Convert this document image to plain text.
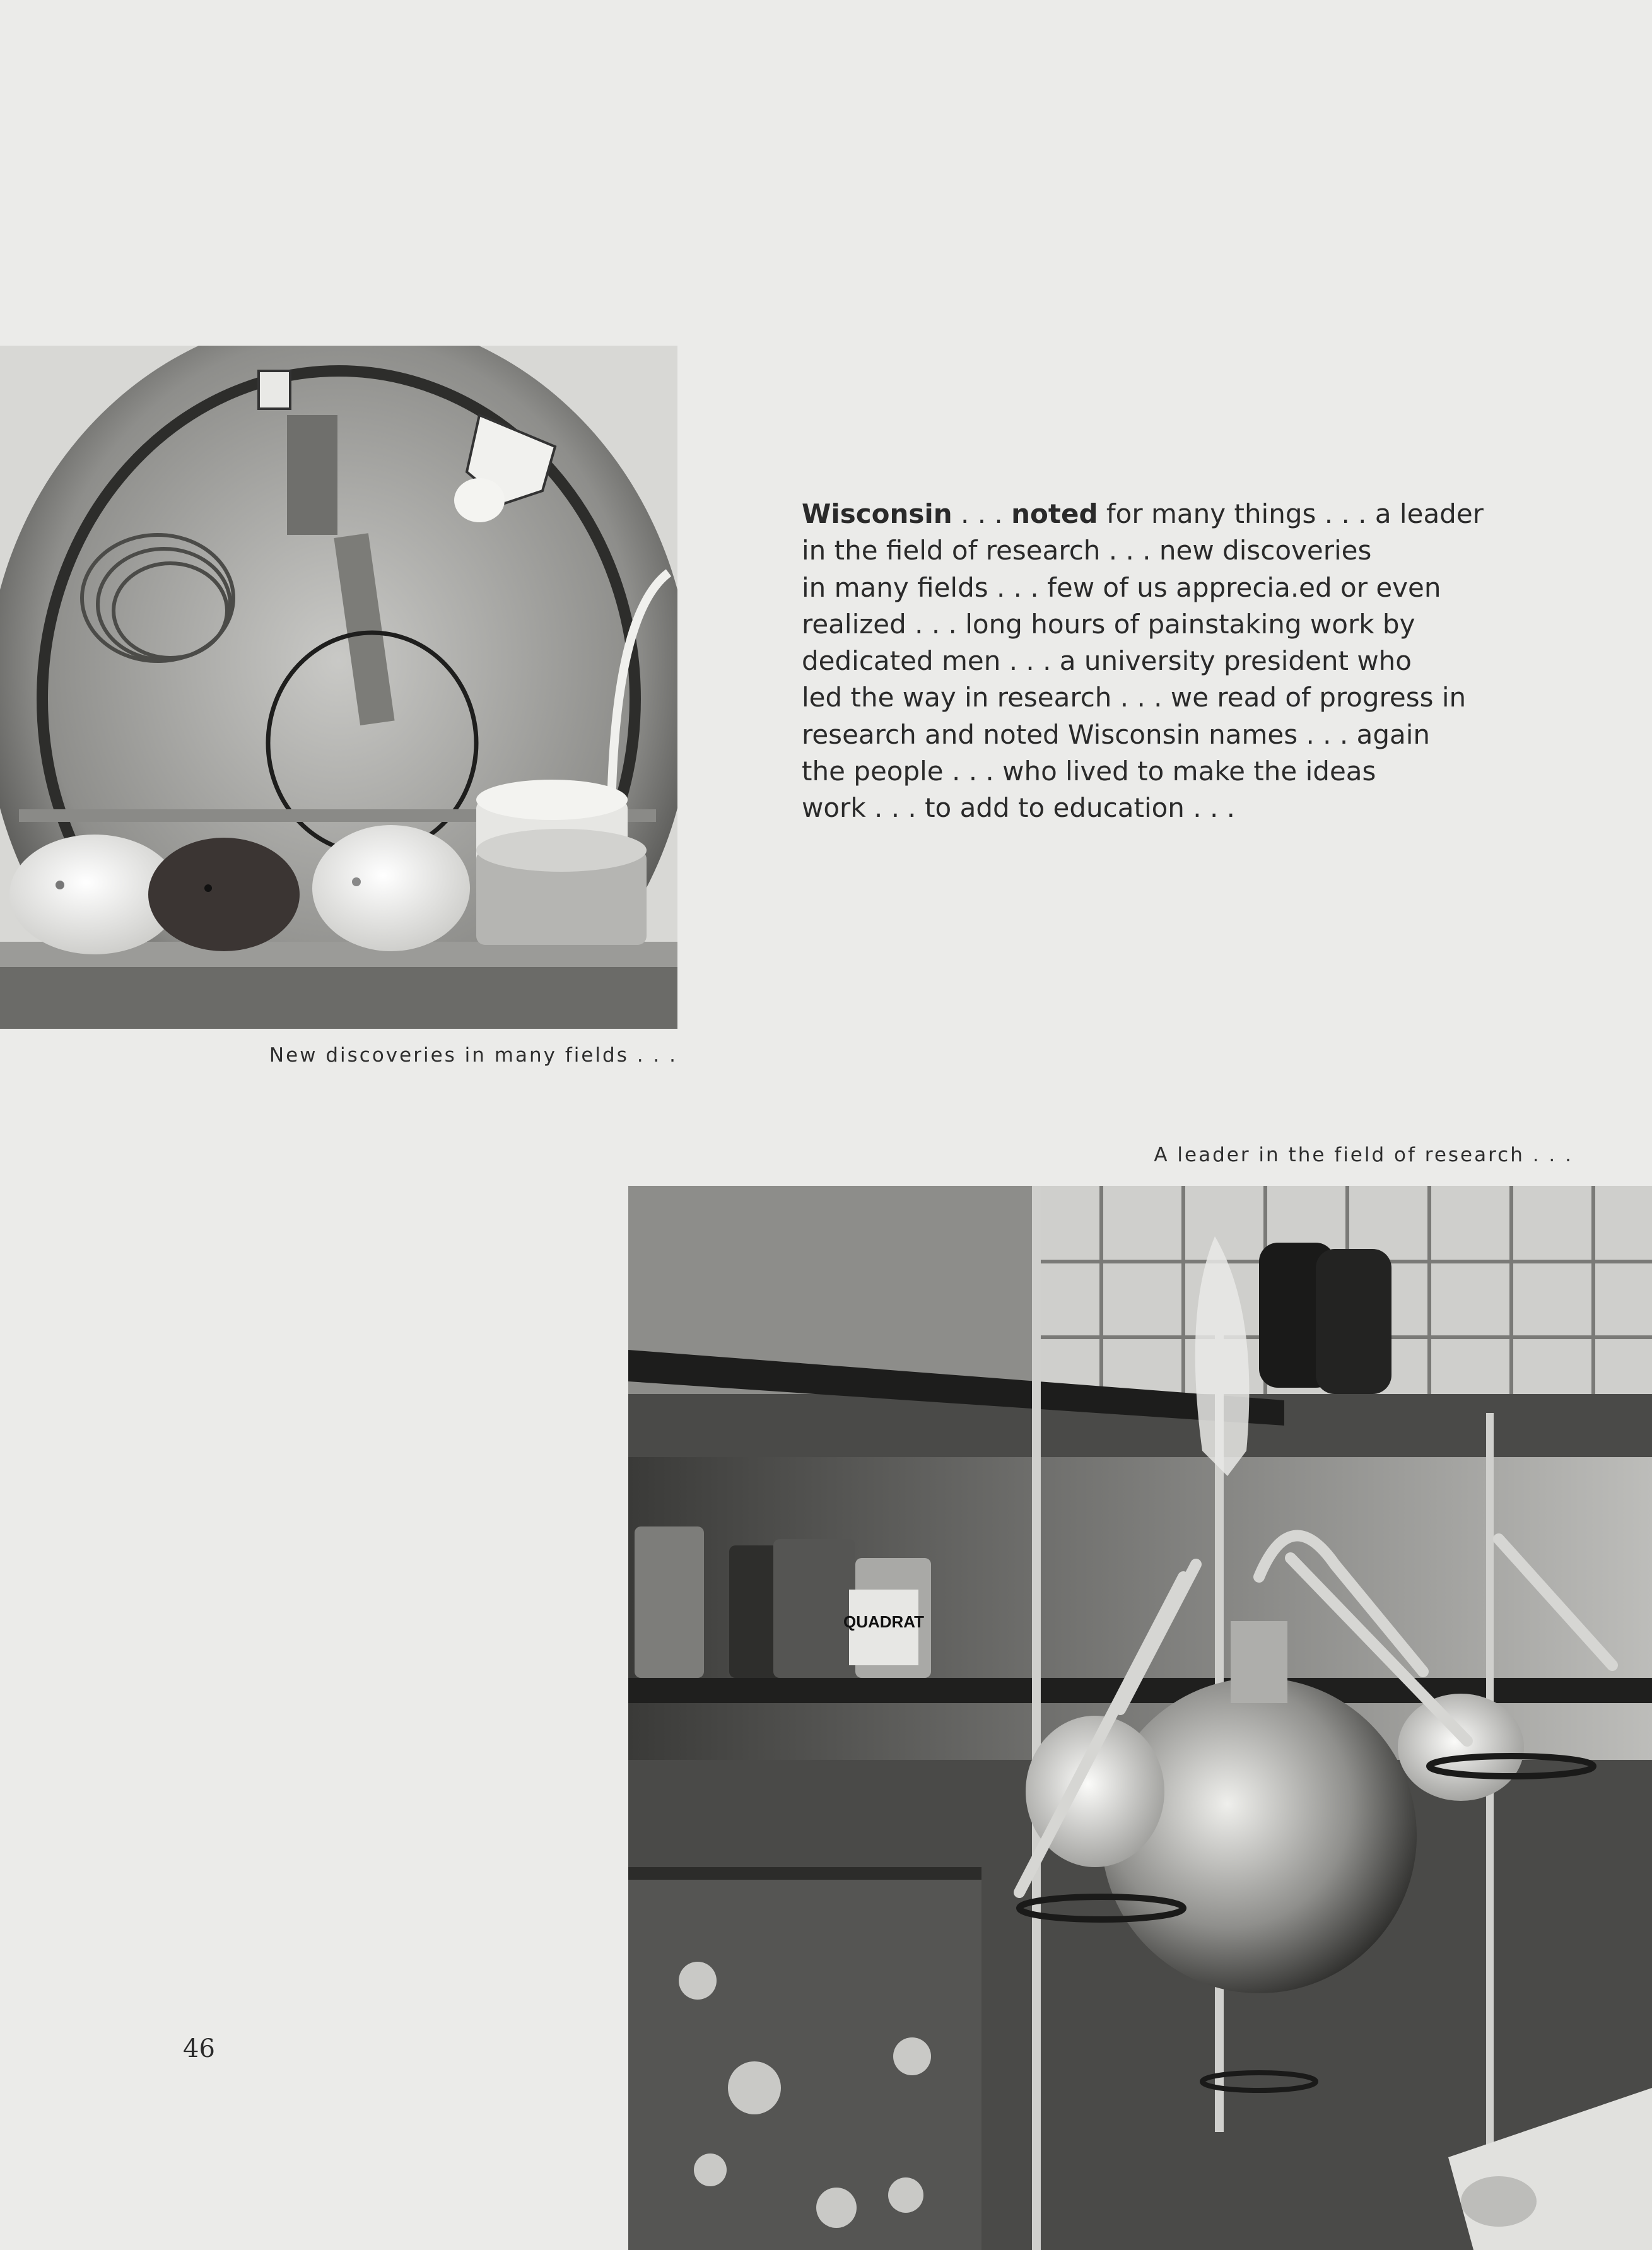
New discoveries in many fields . . .

Wisconsin . . . noted for many things . . . a leader
in the field of research . . . new discoveries
in many fields . . . few of us apprecia.ed or even
realized . . . long hours of painstaking work by
dedicated men . . . a university president who
led the way in research . . . we read of progress in
research and noted Wisconsin names . . . again
the people . . . who lived to make the ideas
work . . . to add to education . . .

A leader in the field of research . . .
QUADRAT
46
